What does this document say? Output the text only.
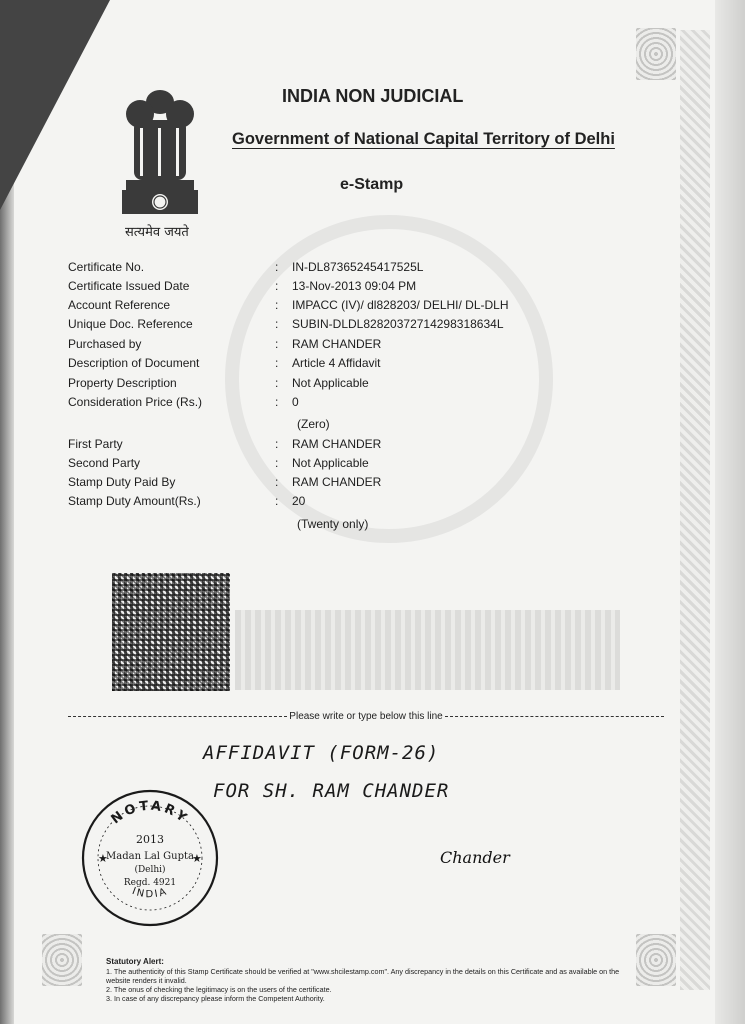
सत्यमेव जयते
INDIA NON JUDICIAL
Government of National Capital Territory of Delhi
e-Stamp
Certificate No.	: IN-DL87365245417525L
Certificate Issued Date	: 13-Nov-2013 09:04 PM
Account Reference	: IMPACC (IV)/ dl828203/ DELHI/ DL-DLH
Unique Doc. Reference	: SUBIN-DLDL82820372714298318634L
Purchased by	: RAM CHANDER
Description of Document	: Article 4 Affidavit
Property Description	: Not Applicable
Consideration Price (Rs.)	: 0
(Zero)
First Party	: RAM CHANDER
Second Party	: Not Applicable
Stamp Duty Paid By	: RAM CHANDER
Stamp Duty Amount(Rs.)	: 20
(Twenty only)
Please write or type below this line
AFFIDAVIT (FORM-26)
FOR SH. RAM CHANDER
Chander
NOTARY
INDIA
2013
Madan Lal Gupta
(Delhi)
Regd. 4921
★	★
Statutory Alert:
1. The authenticity of this Stamp Certificate should be verified at "www.shcilestamp.com". Any discrepancy in the details on this Certificate and as available on the website renders it invalid.
2. The onus of checking the legitimacy is on the users of the certificate.
3. In case of any discrepancy please inform the Competent Authority.
